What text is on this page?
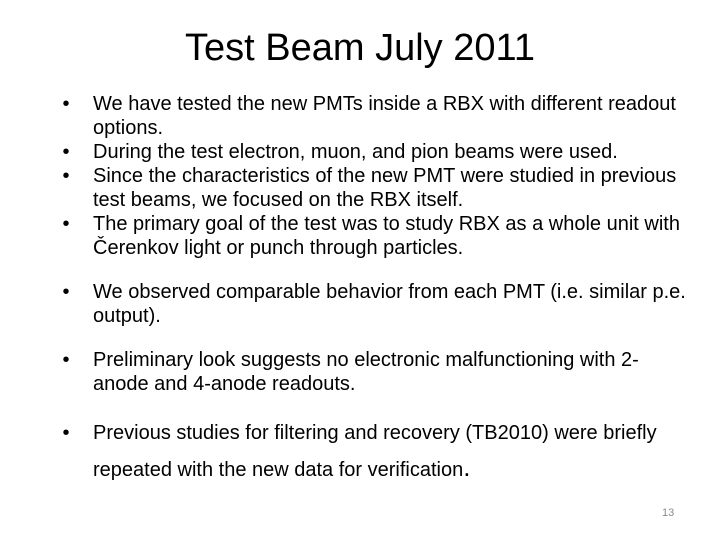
Test Beam July 2011
•	We have tested the new PMTs inside a RBX with different readout options.
•	During the test electron, muon, and pion beams were used.
•	Since the characteristics of the new PMT were studied in previous test beams, we focused on the RBX itself.
•	The primary goal of the test was to study RBX as a whole unit with Čerenkov light or punch through particles.
•	We observed comparable behavior from each PMT (i.e. similar p.e. output).
•	Preliminary look suggests no electronic malfunctioning with 2-anode and 4-anode readouts.
•	Previous studies for filtering and recovery (TB2010) were briefly repeated with the new data for verification.
13
